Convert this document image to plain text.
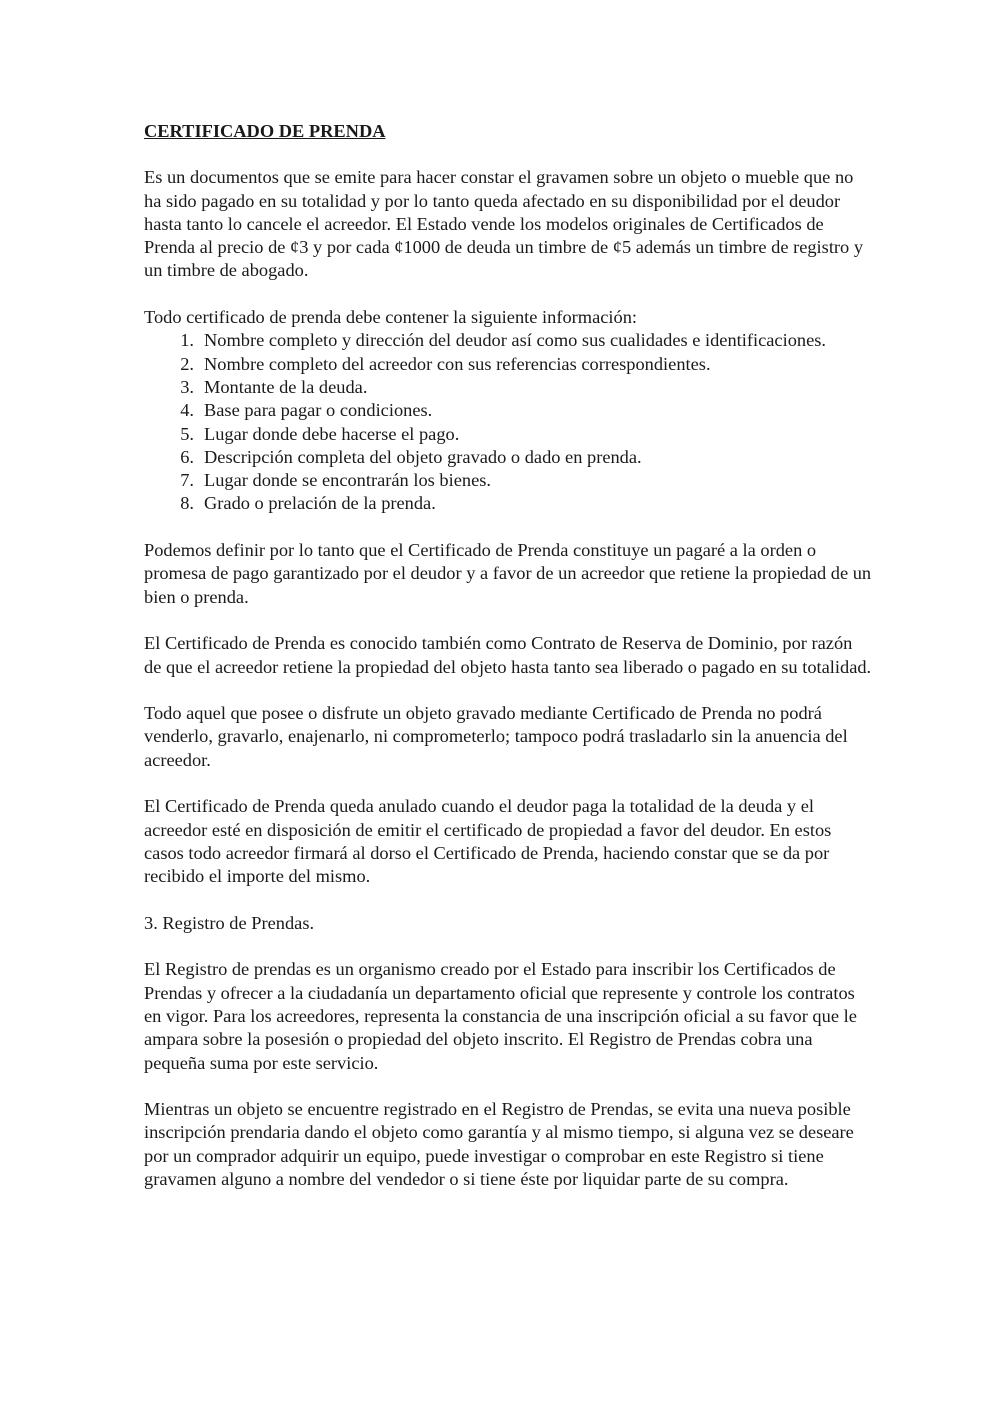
CERTIFICADO DE PRENDA

Es un documentos que se emite para hacer constar el gravamen sobre un objeto o mueble que no ha sido pagado en su totalidad y por lo tanto queda afectado en su disponibilidad por el deudor hasta tanto lo cancele el acreedor. El Estado vende los modelos originales de Certificados de Prenda al precio de ¢3 y por cada ¢1000 de deuda un timbre de ¢5 además un timbre de registro y un timbre de abogado.

Todo certificado de prenda debe contener la siguiente información:

1. Nombre completo y dirección del deudor así como sus cualidades e identificaciones.
2. Nombre completo del acreedor con sus referencias correspondientes.
3. Montante de la deuda.
4. Base para pagar o condiciones.
5. Lugar donde debe hacerse el pago.
6. Descripción completa del objeto gravado o dado en prenda.
7. Lugar donde se encontrarán los bienes.
8. Grado o prelación de la prenda.

Podemos definir por lo tanto que el Certificado de Prenda constituye un pagaré a la orden o promesa de pago garantizado por el deudor y a favor de un acreedor que retiene la propiedad de un bien o prenda.

El Certificado de Prenda es conocido también como Contrato de Reserva de Dominio, por razón de que el acreedor retiene la propiedad del objeto hasta tanto sea liberado o pagado en su totalidad.

Todo aquel que posee o disfrute un objeto gravado mediante Certificado de Prenda no podrá venderlo, gravarlo, enajenarlo, ni comprometerlo; tampoco podrá trasladarlo sin la anuencia del acreedor.

El Certificado de Prenda queda anulado cuando el deudor paga la totalidad de la deuda y el acreedor esté en disposición de emitir el certificado de propiedad a favor del deudor. En estos casos todo acreedor firmará al dorso el Certificado de Prenda, haciendo constar que se da por recibido el importe del mismo.

3. Registro de Prendas.

El Registro de prendas es un organismo creado por el Estado para inscribir los Certificados de Prendas y ofrecer a la ciudadanía un departamento oficial que represente y controle los contratos en vigor. Para los acreedores, representa la constancia de una inscripción oficial a su favor que le ampara sobre la posesión o propiedad del objeto inscrito. El Registro de Prendas cobra una pequeña suma por este servicio.

Mientras un objeto se encuentre registrado en el Registro de Prendas, se evita una nueva posible inscripción prendaria dando el objeto como garantía y al mismo tiempo, si alguna vez se deseare por un comprador adquirir un equipo, puede investigar o comprobar en este Registro si tiene gravamen alguno a nombre del vendedor o si tiene éste por liquidar parte de su compra.
